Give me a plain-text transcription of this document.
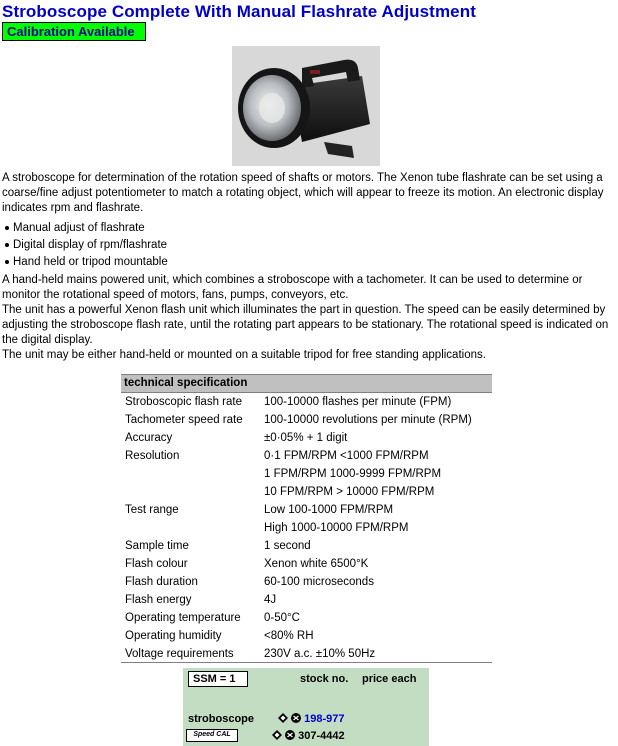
Stroboscope Complete With Manual Flashrate Adjustment
Calibration Available

A stroboscope for determination of the rotation speed of shafts or motors. The Xenon tube flashrate can be set using a coarse/fine adjust potentiometer to match a rotating object, which will appear to freeze its motion. An electronic display indicates rpm and flashrate.

Manual adjust of flashrate
Digital display of rpm/flashrate
Hand held or tripod mountable

A hand-held mains powered unit, which combines a stroboscope with a tachometer. It can be used to determine or monitor the rotational speed of motors, fans, pumps, conveyors, etc.

The unit has a powerful Xenon flash unit which illuminates the part in question. The speed can be easily determined by adjusting the stroboscope flash rate, until the rotating part appears to be stationary. The rotational speed is indicated on the digital display.

The unit may be either hand-held or mounted on a suitable tripod for free standing applications.

technical specification
Stroboscopic flash rate 100-10000 flashes per minute (FPM)
Tachometer speed rate 100-10000 revolutions per minute (RPM)
Accuracy	±0·05% + 1 digit
Resolution	0·1 FPM/RPM <1000 FPM/RPM
1 FPM/RPM 1000-9999 FPM/RPM
10 FPM/RPM > 10000 FPM/RPM
Test range	Low 100-1000 FPM/RPM
High 1000-10000 FPM/RPM
Sample time	1 second
Flash colour	Xenon white 6500°K
Flash duration	60-100 microseconds
Flash energy	4J
Operating temperature 0-50°C
Operating humidity	<80% RH
Voltage requirements	230V a.c. ±10% 50Hz
SSM = 1	stock no. price each
stroboscope	198-977
Speed CAL	307-4442
